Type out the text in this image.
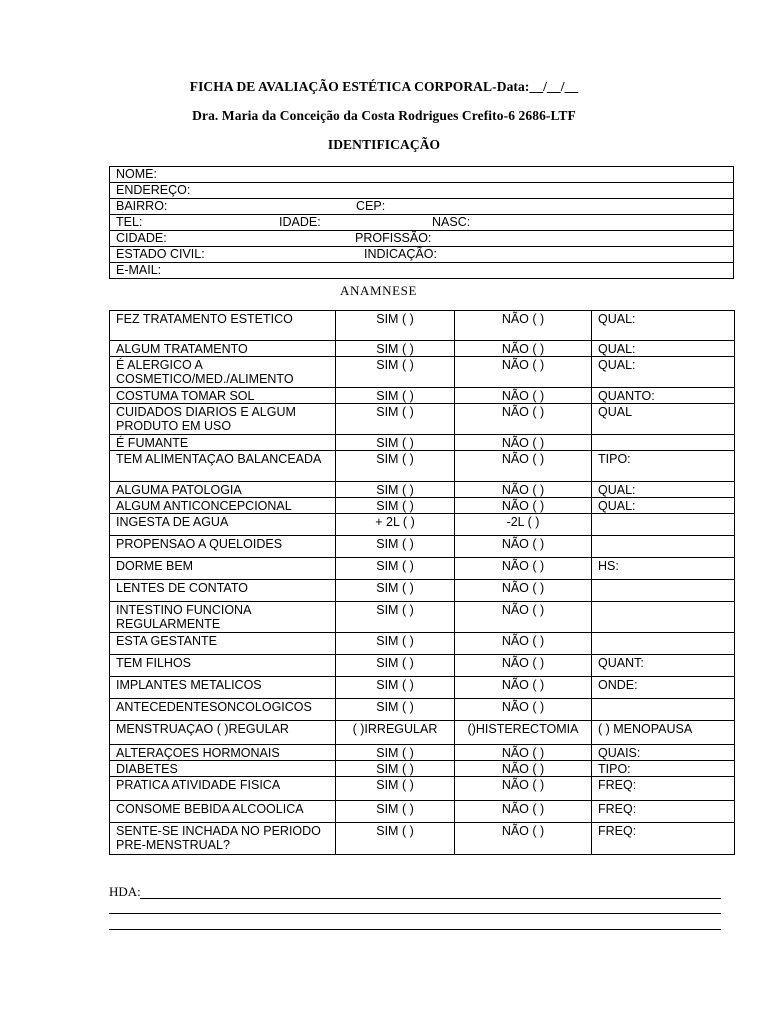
FICHA DE AVALIAÇÃO ESTÉTICA CORPORAL-Data:__/__/__
Dra. Maria da Conceição da Costa Rodrigues Crefito-6 2686-LTF
IDENTIFICAÇÃO
NOME:
ENDEREÇO:
BAIRRO:	CEP:

TEL:	IDADE:	NASC:

CIDADE:	PROFISSÃO:

ESTADO CIVIL:	INDICAÇÃO:

E-MAIL:
ANAMNESE
FEZ TRATAMENTO ESTETICO	SIM ( )	NÃO ( )	QUAL:
ALGUM TRATAMENTO	SIM ( )	NÃO ( )	QUAL:
É ALERGICO A COSMETICO/MED./ALIMENTO	SIM ( )	NÃO ( )	QUAL:
COSTUMA TOMAR SOL	SIM ( )	NÃO ( )	QUANTO:
CUIDADOS DIARIOS E ALGUM PRODUTO EM USO	SIM ( )	NÃO ( )	QUAL
É FUMANTE	SIM ( )	NÃO ( )	

TEM ALIMENTAÇAO BALANCEADA	SIM ( )	NÃO ( )	TIPO:
ALGUMA PATOLOGIA	SIM ( )	NÃO ( )	QUAL:
ALGUM ANTICONCEPCIONAL	SIM ( )	NÃO ( )	QUAL:
INGESTA DE AGUA	+ 2L ( )	-2L ( )	

PROPENSAO A QUELOIDES	SIM ( )	NÃO ( )	

DORME BEM	SIM ( )	NÃO ( )	HS:
LENTES DE CONTATO	SIM ( )	NÃO ( )	

INTESTINO FUNCIONA REGULARMENTE	SIM ( )	NÃO ( )	

ESTA GESTANTE	SIM ( )	NÃO ( )	

TEM FILHOS	SIM ( )	NÃO ( )	QUANT:
IMPLANTES METALICOS	SIM ( )	NÃO ( )	ONDE:
ANTECEDENTESONCOLOGICOS	SIM ( )	NÃO ( )	

MENSTRUAÇAO ( )REGULAR	( )IRREGULAR	()HISTERECTOMIA	( ) MENOPAUSA
ALTERAÇOES HORMONAIS	SIM ( )	NÃO ( )	QUAIS:
DIABETES	SIM ( )	NÃO ( )	TIPO:
PRATICA ATIVIDADE FISICA	SIM ( )	NÃO ( )	FREQ:
CONSOME BEBIDA ALCOOLICA	SIM ( )	NÃO ( )	FREQ:
SENTE-SE INCHADA NO PERIODO PRE-MENSTRUAL?	SIM ( )	NÃO ( )	FREQ:
HDA:
